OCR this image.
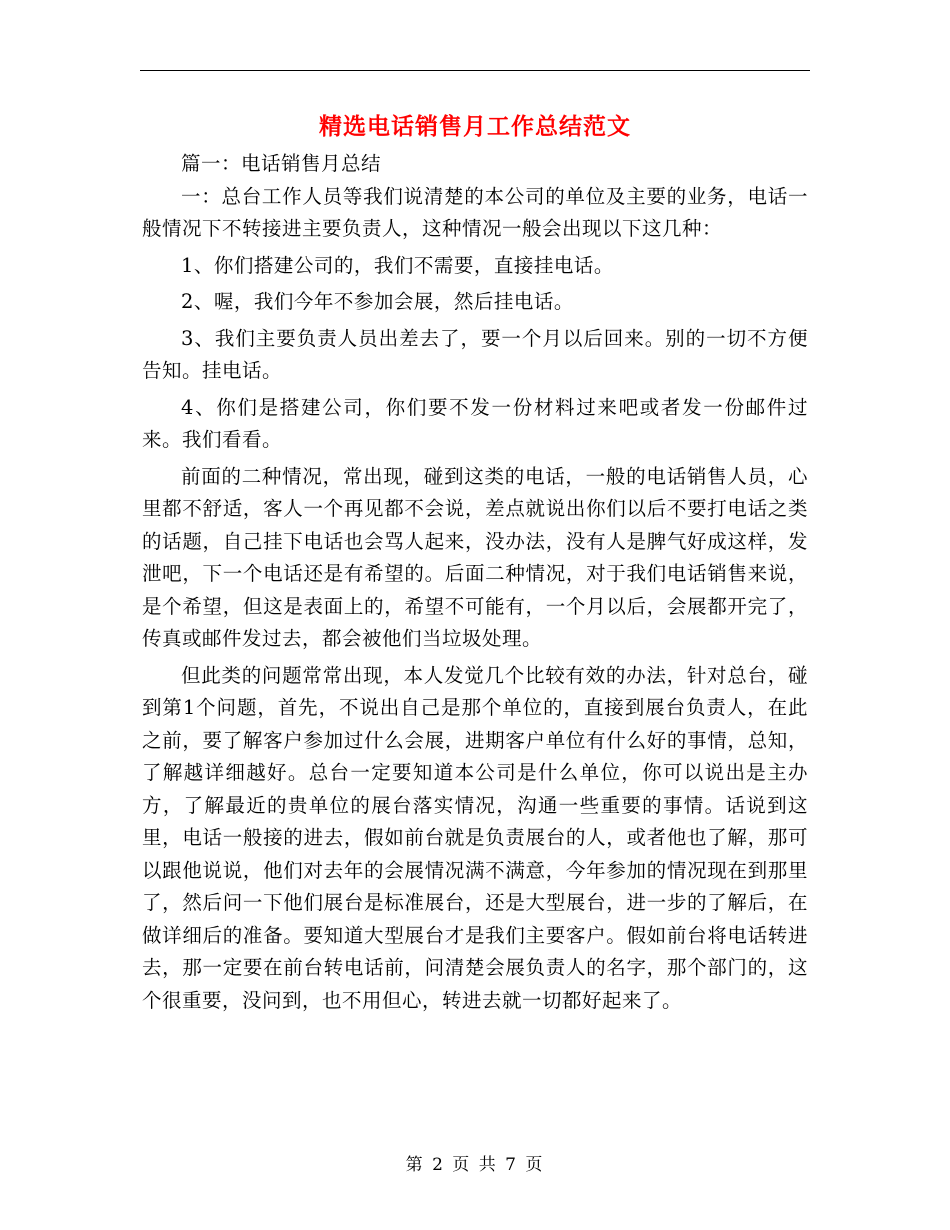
精选电话销售月工作总结范文

篇一：电话销售月总结

一：总台工作人员等我们说清楚的本公司的单位及主要的业务，电话一般情况下不转接进主要负责人，这种情况一般会出现以下这几种：

1、你们搭建公司的，我们不需要，直接挂电话。

2、喔，我们今年不参加会展，然后挂电话。

3、我们主要负责人员出差去了，要一个月以后回来。别的一切不方便告知。挂电话。

4、你们是搭建公司，你们要不发一份材料过来吧或者发一份邮件过来。我们看看。

前面的二种情况，常出现，碰到这类的电话，一般的电话销售人员，心里都不舒适，客人一个再见都不会说，差点就说出你们以后不要打电话之类的话题，自己挂下电话也会骂人起来，没办法，没有人是脾气好成这样，发泄吧，下一个电话还是有希望的。后面二种情况，对于我们电话销售来说，是个希望，但这是表面上的，希望不可能有，一个月以后，会展都开完了，传真或邮件发过去，都会被他们当垃圾处理。

但此类的问题常常出现，本人发觉几个比较有效的办法，针对总台，碰到第1个问题，首先，不说出自己是那个单位的，直接到展台负责人，在此之前，要了解客户参加过什么会展，进期客户单位有什么好的事情，总知，了解越详细越好。总台一定要知道本公司是什么单位，你可以说出是主办方，了解最近的贵单位的展台落实情况，沟通一些重要的事情。话说到这里，电话一般接的进去，假如前台就是负责展台的人，或者他也了解，那可以跟他说说，他们对去年的会展情况满不满意，今年参加的情况现在到那里了，然后问一下他们展台是标准展台，还是大型展台，进一步的了解后，在做详细后的准备。要知道大型展台才是我们主要客户。假如前台将电话转进去，那一定要在前台转电话前，问清楚会展负责人的名字，那个部门的，这个很重要，没问到，也不用但心，转进去就一切都好起来了。

第 2 页 共 7 页
